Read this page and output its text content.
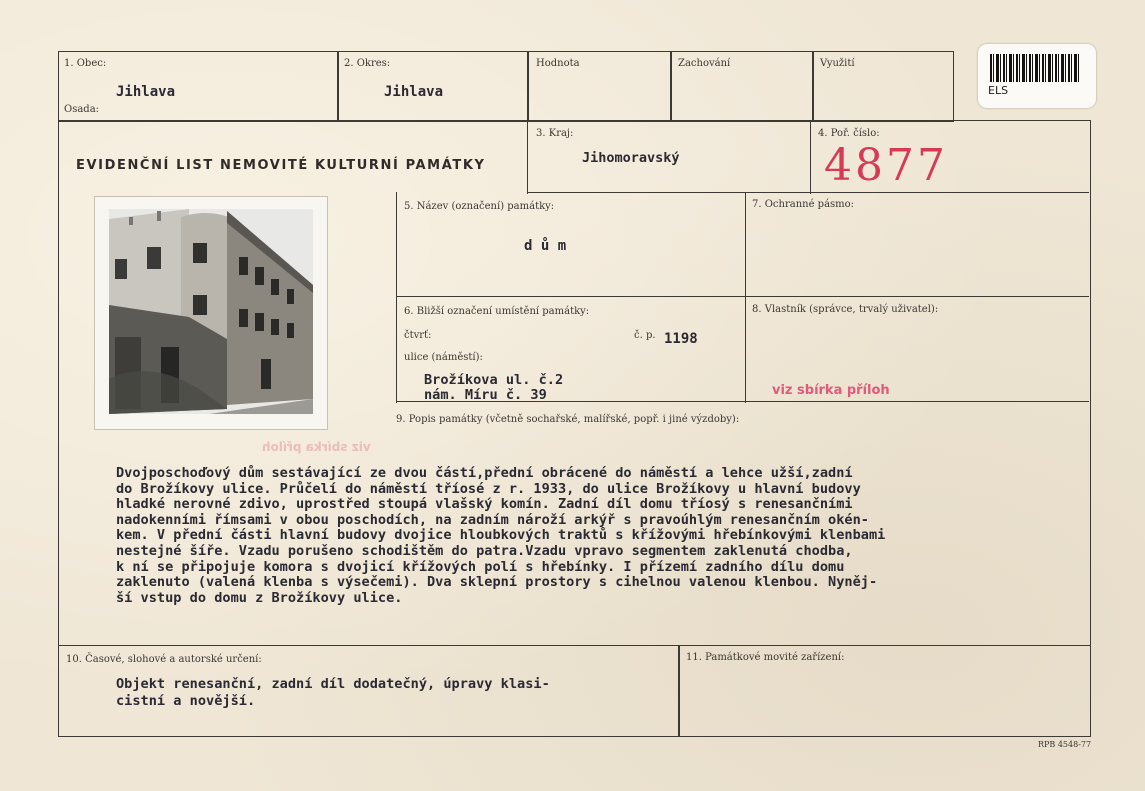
ELS
1. Obec:
Jihlava
Osada:
2. Okres:
Jihlava
Hodnota	Zachování	Využití
3. Kraj:
Jihomoravský
4. Poř. číslo:
4877
EVIDENČNÍ LIST NEMOVITÉ KULTURNÍ PAMÁTKY
5. Název (označení) památky:
d ů m
7. Ochranné pásmo:
6. Bližší označení umístění památky:
čtvrť:	č. p. 1198
ulice (náměstí):
Brožíkova ul. č.2
nám. Míru č. 39
8. Vlastník (správce, trvalý uživatel):
viz sbírka příloh
9. Popis památky (včetně sochařské, malířské, popř. i jiné výzdoby):
viz sbírka příloh
Dvojposchoďový dům sestávající ze dvou částí,přední obrácené do náměstí a lehce užší,zadní
do Brožíkovy ulice. Průčelí do náměstí tříosé z r. 1933, do ulice Brožíkovy u hlavní budovy
hladké nerovné zdivo, uprostřed stoupá vlašský komín. Zadní díl domu tříosý s renesančními
nadokenními římsami v obou poschodích, na zadním nároží arkýř s pravoúhlým renesančním okén-
kem. V přední části hlavní budovy dvojice hloubkových traktů s křížovými hřebínkovými klenbami
nestejné šíře. Vzadu porušeno schodištěm do patra.Vzadu vpravo segmentem zaklenutá chodba,
k ní se připojuje komora s dvojicí křížových polí s hřebínky. I přízemí zadního dílu domu
zaklenuto (valená klenba s výsečemi). Dva sklepní prostory s cihelnou valenou klenbou. Nyněj-
ší vstup do domu z Brožíkovy ulice.
10. Časové, slohové a autorské určení:
Objekt renesanční, zadní díl dodatečný, úpravy klasi-
cistní a novější.
11. Památkové movité zařízení:
RPB 4548-77
